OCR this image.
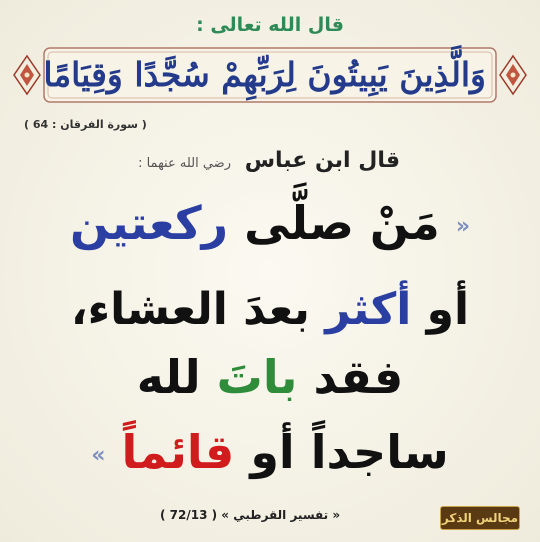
قال الله تعالى :
وَالَّذِينَ يَبِيتُونَ لِرَبِّهِمْ سُجَّدًا وَقِيَامًا
( سورة الفرقان : 64 )
قال ابن عباس رضي الله عنهما :
« مَنْ صلَّى ركعتين
أو أكثر بعدَ العشاء،
فقد باتَ لله
ساجداً أو قائماً »
« تفسير القرطبي » ( 72/13 )	مجالس الذكر
